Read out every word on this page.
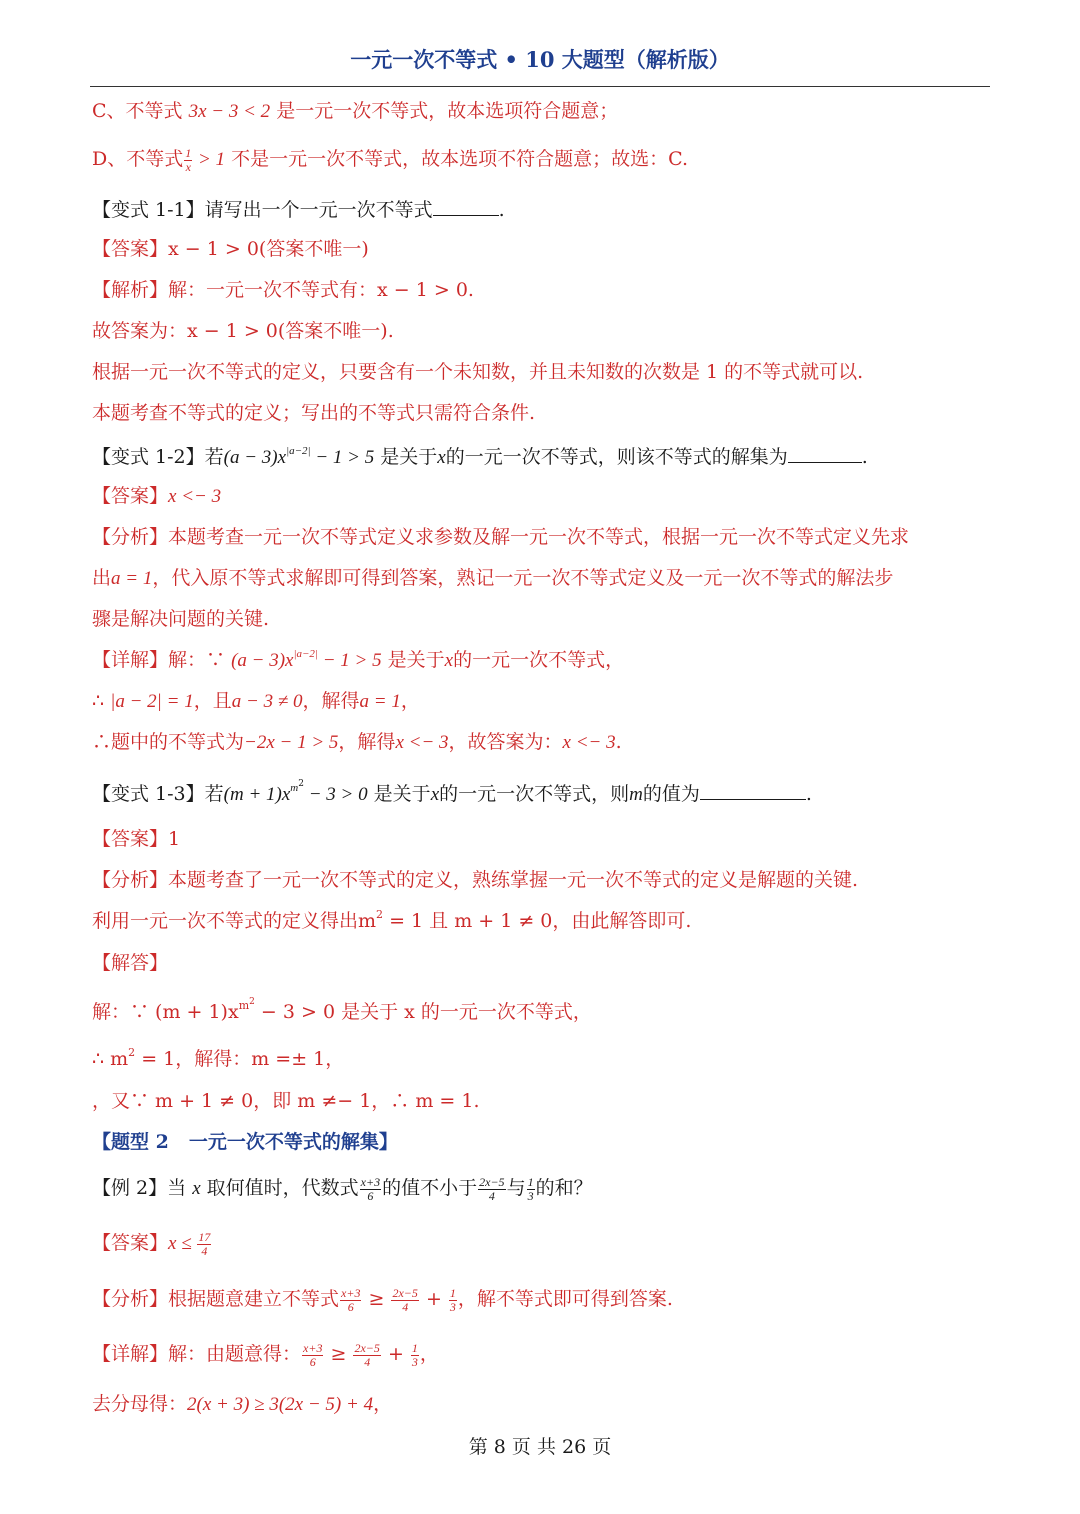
一元一次不等式 • 10 大题型（解析版）
C、不等式 3x − 3 < 2 是一元一次不等式，故本选项符合题意；
D、不等式 $\frac{1}{x} > 1$ 不是一元一次不等式，故本选项不符合题意；故选：C.
【变式 1-1】请写出一个一元一次不等式	.
【答案】x − 1 > 0(答案不唯一)
【解析】解：一元一次不等式有：x − 1 > 0.
故答案为：x − 1 > 0(答案不唯一).
根据一元一次不等式的定义，只要含有一个未知数，并且未知数的次数是 1 的不等式就可以.
本题考查不等式的定义；写出的不等式只需符合条件.
【变式 1-2】若$(a - 3)x^{|a-2|} - 1 > 5$ 是关于x的一元一次不等式，则该不等式的解集为	.
【答案】x <− 3
【分析】本题考查一元一次不等式定义求参数及解一元一次不等式，根据一元一次不等式定义先求
出a = 1，代入原不等式求解即可得到答案，熟记一元一次不等式定义及一元一次不等式的解法步
骤是解决问题的关键.
【详解】解：∵ $(a - 3)x^{|a-2|} - 1 > 5$ 是关于x的一元一次不等式，
∴ |a − 2| = 1，且a − 3 ≠ 0，解得a = 1，
∴题中的不等式为−2x − 1 > 5，解得x <− 3，故答案为：x <− 3.
【变式 1-3】若$(m + 1)x^{m^2} - 3 > 0$ 是关于x的一元一次不等式，则m的值为	.
【答案】1
【分析】本题考查了一元一次不等式的定义，熟练掌握一元一次不等式的定义是解题的关键.
利用一元一次不等式的定义得出$m^2 = 1$ 且 m + 1 ≠ 0，由此解答即可.
【解答】
解：∵ $(m + 1)x^{m^2} - 3 > 0$ 是关于 x 的一元一次不等式，
∴ $m^2 = 1$，解得：m =± 1，
，又∵ m + 1 ≠ 0，即 m ≠− 1，∴ m = 1.
【题型 2 一元一次不等式的解集】
【例 2】当 x 取何值时，代数式 $\frac{x+3}{6}$ 的值不小于 $\frac{2x-5}{4}$ 与 $\frac{1}{3}$ 的和？
【答案】$x \le \frac{17}{4}$
【分析】根据题意建立不等式 $\frac{x+3}{6} \ge \frac{2x-5}{4} + \frac{1}{3}$ ，解不等式即可得到答案.
【详解】解：由题意得： $\frac{x+3}{6} \ge \frac{2x-5}{4} + \frac{1}{3}$ ，
去分母得：2(x + 3) ≥ 3(2x − 5) + 4，
第 8 页 共 26 页
